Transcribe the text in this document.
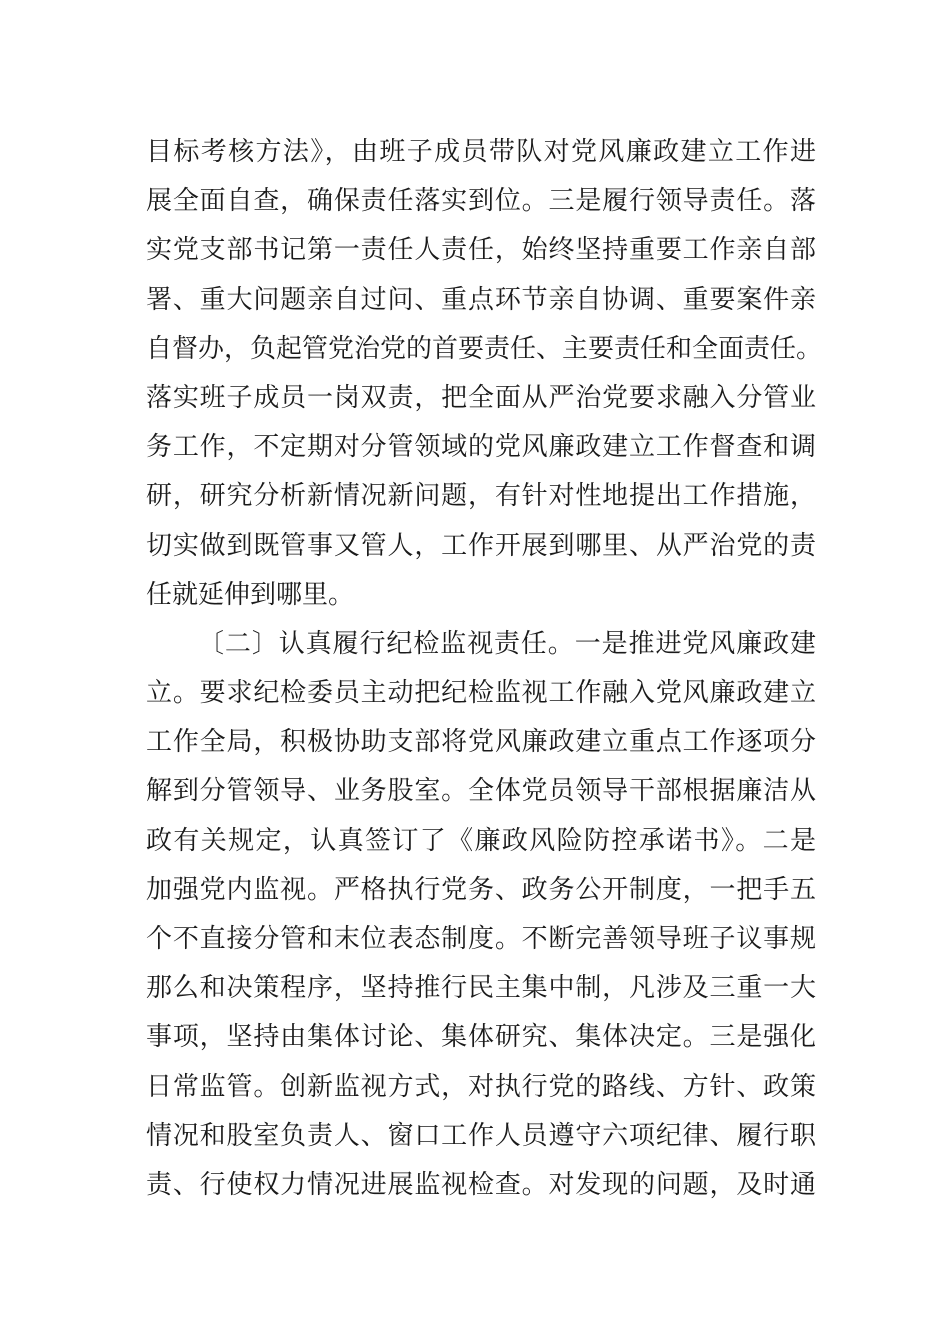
目标考核方法》，由班子成员带队对党风廉政建立工作进
展全面自查，确保责任落实到位。三是履行领导责任。落
实党支部书记第一责任人责任，始终坚持重要工作亲自部
署、重大问题亲自过问、重点环节亲自协调、重要案件亲
自督办，负起管党治党的首要责任、主要责任和全面责任。
落实班子成员一岗双责，把全面从严治党要求融入分管业
务工作，不定期对分管领域的党风廉政建立工作督查和调
研，研究分析新情况新问题，有针对性地提出工作措施，
切实做到既管事又管人，工作开展到哪里、从严治党的责
任就延伸到哪里。
〔二〕认真履行纪检监视责任。一是推进党风廉政建
立。要求纪检委员主动把纪检监视工作融入党风廉政建立
工作全局，积极协助支部将党风廉政建立重点工作逐项分
解到分管领导、业务股室。全体党员领导干部根据廉洁从
政有关规定，认真签订了《廉政风险防控承诺书》。二是
加强党内监视。严格执行党务、政务公开制度，一把手五
个不直接分管和末位表态制度。不断完善领导班子议事规
那么和决策程序，坚持推行民主集中制，凡涉及三重一大
事项，坚持由集体讨论、集体研究、集体决定。三是强化
日常监管。创新监视方式，对执行党的路线、方针、政策
情况和股室负责人、窗口工作人员遵守六项纪律、履行职
责、行使权力情况进展监视检查。对发现的问题，及时通
